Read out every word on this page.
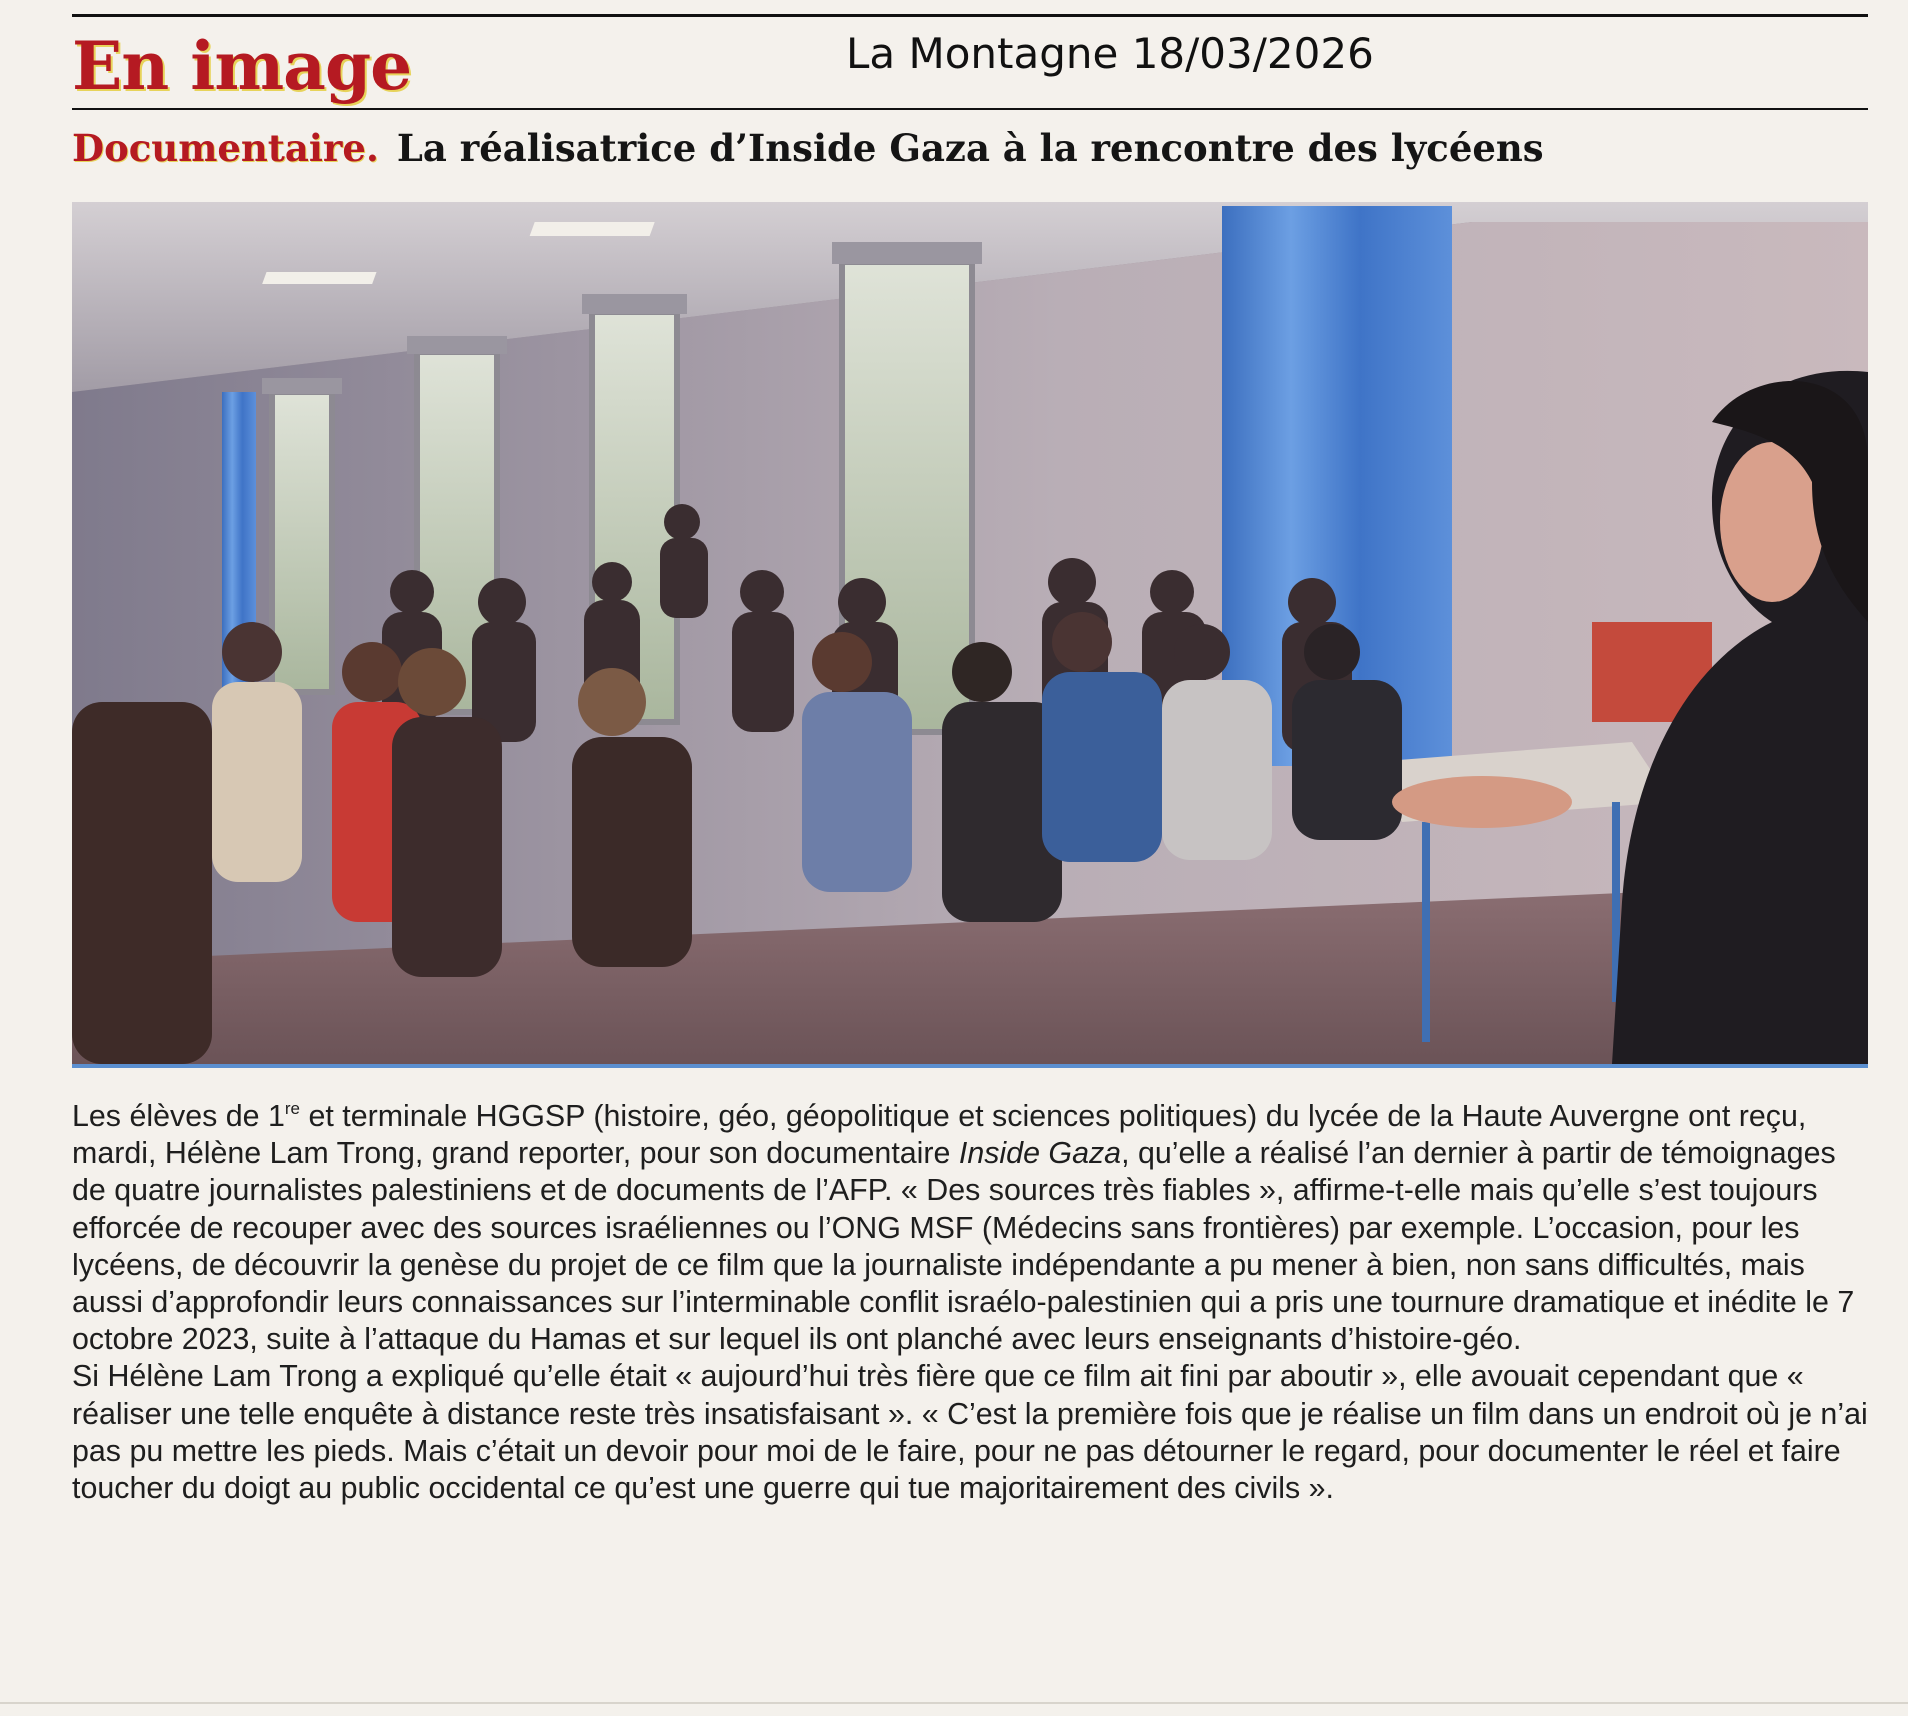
En image	La Montagne 18/03/2026
Documentaire. La réalisatrice d’Inside Gaza à la rencontre des lycéens

Les élèves de 1re et terminale HGGSP (histoire, géo, géopolitique et sciences politiques) du lycée de la Haute Auvergne ont reçu, mardi, Hélène Lam Trong, grand reporter, pour son documentaire Inside Gaza, qu’elle a réalisé l’an dernier à partir de témoignages de quatre journalistes palestiniens et de documents de l’AFP. « Des sources très fiables », affirme-t-elle mais qu’elle s’est toujours efforcée de recouper avec des sources israéliennes ou l’ONG MSF (Médecins sans frontières) par exemple. L’occasion, pour les lycéens, de découvrir la genèse du projet de ce film que la journaliste indépendante a pu mener à bien, non sans difficultés, mais aussi d’approfondir leurs connaissances sur l’interminable conflit israélo-palestinien qui a pris une tournure dramatique et inédite le 7 octobre 2023, suite à l’attaque du Hamas et sur lequel ils ont planché avec leurs enseignants d’histoire-géo.

Si Hélène Lam Trong a expliqué qu’elle était « aujourd’hui très fière que ce film ait fini par aboutir », elle avouait cependant que « réaliser une telle enquête à distance reste très insatisfaisant ». « C’est la première fois que je réalise un film dans un endroit où je n’ai pas pu mettre les pieds. Mais c’était un devoir pour moi de le faire, pour ne pas détourner le regard, pour documenter le réel et faire toucher du doigt au public occidental ce qu’est une guerre qui tue majoritairement des civils ».
